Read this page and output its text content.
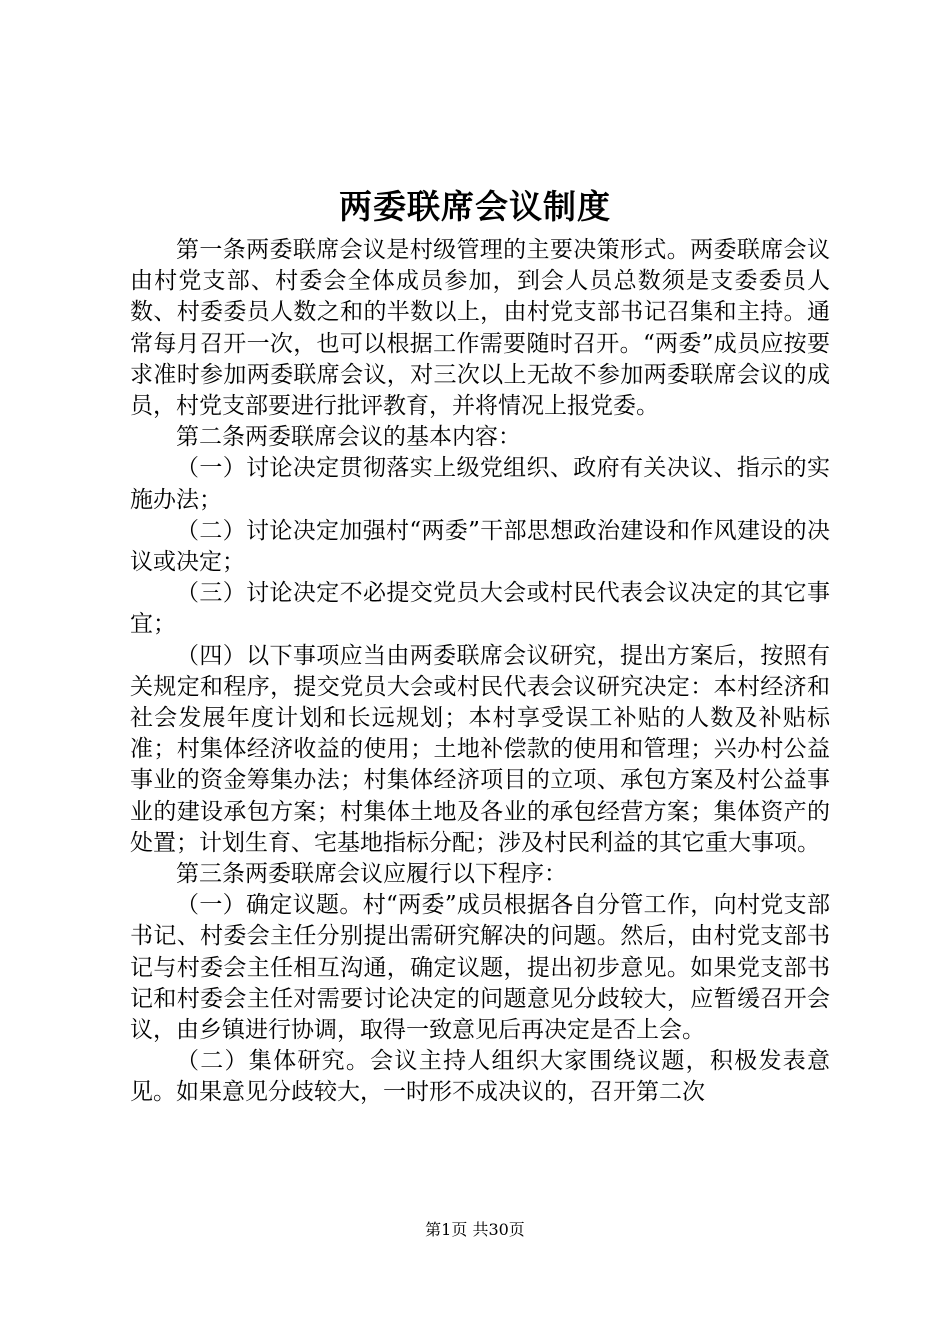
两委联席会议制度

第一条两委联席会议是村级管理的主要决策形式。两委联席会议由村党支部、村委会全体成员参加，到会人员总数须是支委委员人数、村委委员人数之和的半数以上，由村党支部书记召集和主持。通常每月召开一次，也可以根据工作需要随时召开。“两委”成员应按要求准时参加两委联席会议，对三次以上无故不参加两委联席会议的成员，村党支部要进行批评教育，并将情况上报党委。

第二条两委联席会议的基本内容：

（一）讨论决定贯彻落实上级党组织、政府有关决议、指示的实施办法；

（二）讨论决定加强村“两委”干部思想政治建设和作风建设的决议或决定；

（三）讨论决定不必提交党员大会或村民代表会议决定的其它事宜；

（四）以下事项应当由两委联席会议研究，提出方案后，按照有关规定和程序，提交党员大会或村民代表会议研究决定：本村经济和社会发展年度计划和长远规划；本村享受误工补贴的人数及补贴标准；村集体经济收益的使用；土地补偿款的使用和管理；兴办村公益事业的资金筹集办法；村集体经济项目的立项、承包方案及村公益事业的建设承包方案；村集体土地及各业的承包经营方案；集体资产的处置；计划生育、宅基地指标分配；涉及村民利益的其它重大事项。

第三条两委联席会议应履行以下程序：

（一）确定议题。村“两委”成员根据各自分管工作，向村党支部书记、村委会主任分别提出需研究解决的问题。然后，由村党支部书记与村委会主任相互沟通，确定议题，提出初步意见。如果党支部书记和村委会主任对需要讨论决定的问题意见分歧较大，应暂缓召开会议，由乡镇进行协调，取得一致意见后再决定是否上会。

（二）集体研究。会议主持人组织大家围绕议题，积极发表意见。如果意见分歧较大，一时形不成决议的，召开第二次

第1页 共30页
